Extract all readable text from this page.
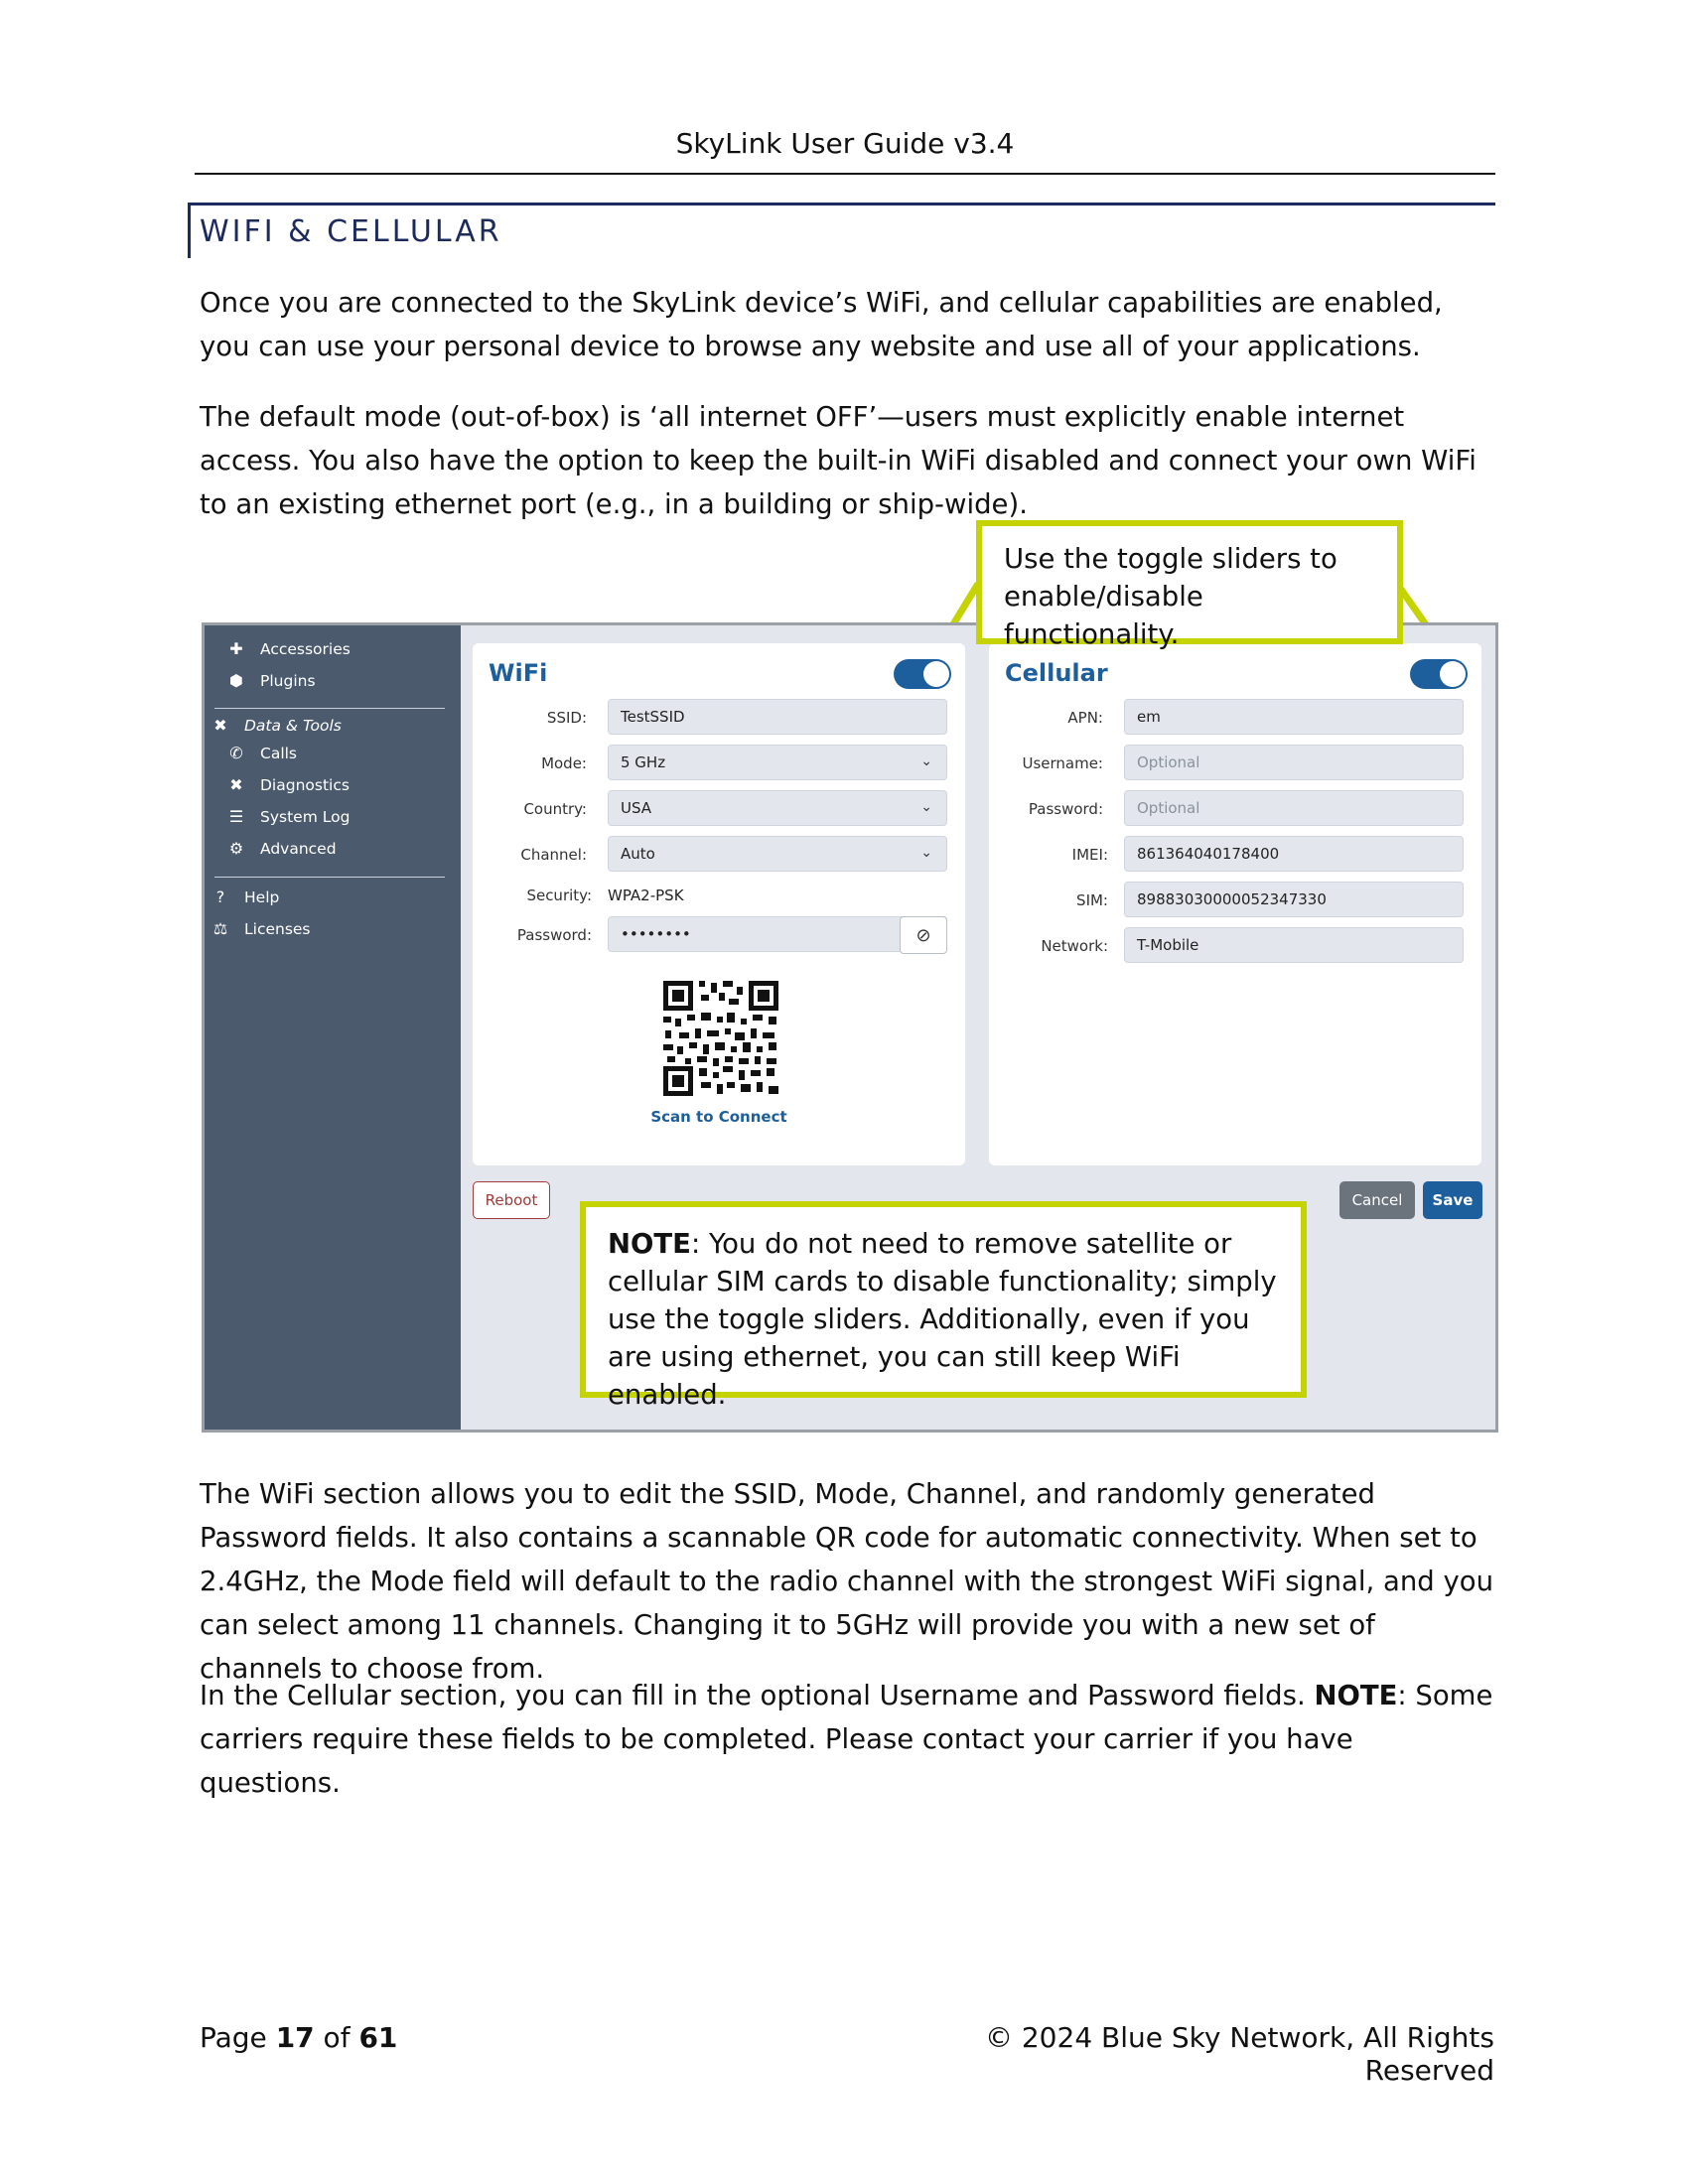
SkyLink User Guide v3.4
WIFI & CELLULAR
Once you are connected to the SkyLink device’s WiFi, and cellular capabilities are enabled, you can use your personal device to browse any website and use all of your applications.
The default mode (out-of-box) is ‘all internet OFF’—users must explicitly enable internet access. You also have the option to keep the built-in WiFi disabled and connect your own WiFi to an existing ethernet port (e.g., in a building or ship-wide).
✚	Accessories
⬢	Plugins
✖	Data & Tools
✆	Calls
✖	Diagnostics
☰	System Log
⚙	Advanced
?	Help
⚖	Licenses
WiFi
SSID:	TestSSID
Mode: 5 GHz	⌄
Country: USA	⌄
Channel: Auto	⌄
Security: WPA2-PSK
Password: ••••••••	⊘
Scan to Connect
Cellular
APN:	em
Username:	Optional
Password:	Optional
IMEI:	861364040178400
SIM:	89883030000052347330
Network:	T-Mobile
Reboot	Cancel	Save
Use the toggle sliders to enable/disable functionality.
NOTE: You do not need to remove satellite or cellular SIM cards to disable functionality; simply use the toggle sliders. Additionally, even if you are using ethernet, you can still keep WiFi enabled.
The WiFi section allows you to edit the SSID, Mode, Channel, and randomly generated Password fields. It also contains a scannable QR code for automatic connectivity. When set to 2.4GHz, the Mode field will default to the radio channel with the strongest WiFi signal, and you can select among 11 channels. Changing it to 5GHz will provide you with a new set of channels to choose from.
In the Cellular section, you can fill in the optional Username and Password fields. NOTE: Some carriers require these fields to be completed. Please contact your carrier if you have questions.
Page 17 of 61	© 2024 Blue Sky Network, All Rights Reserved
